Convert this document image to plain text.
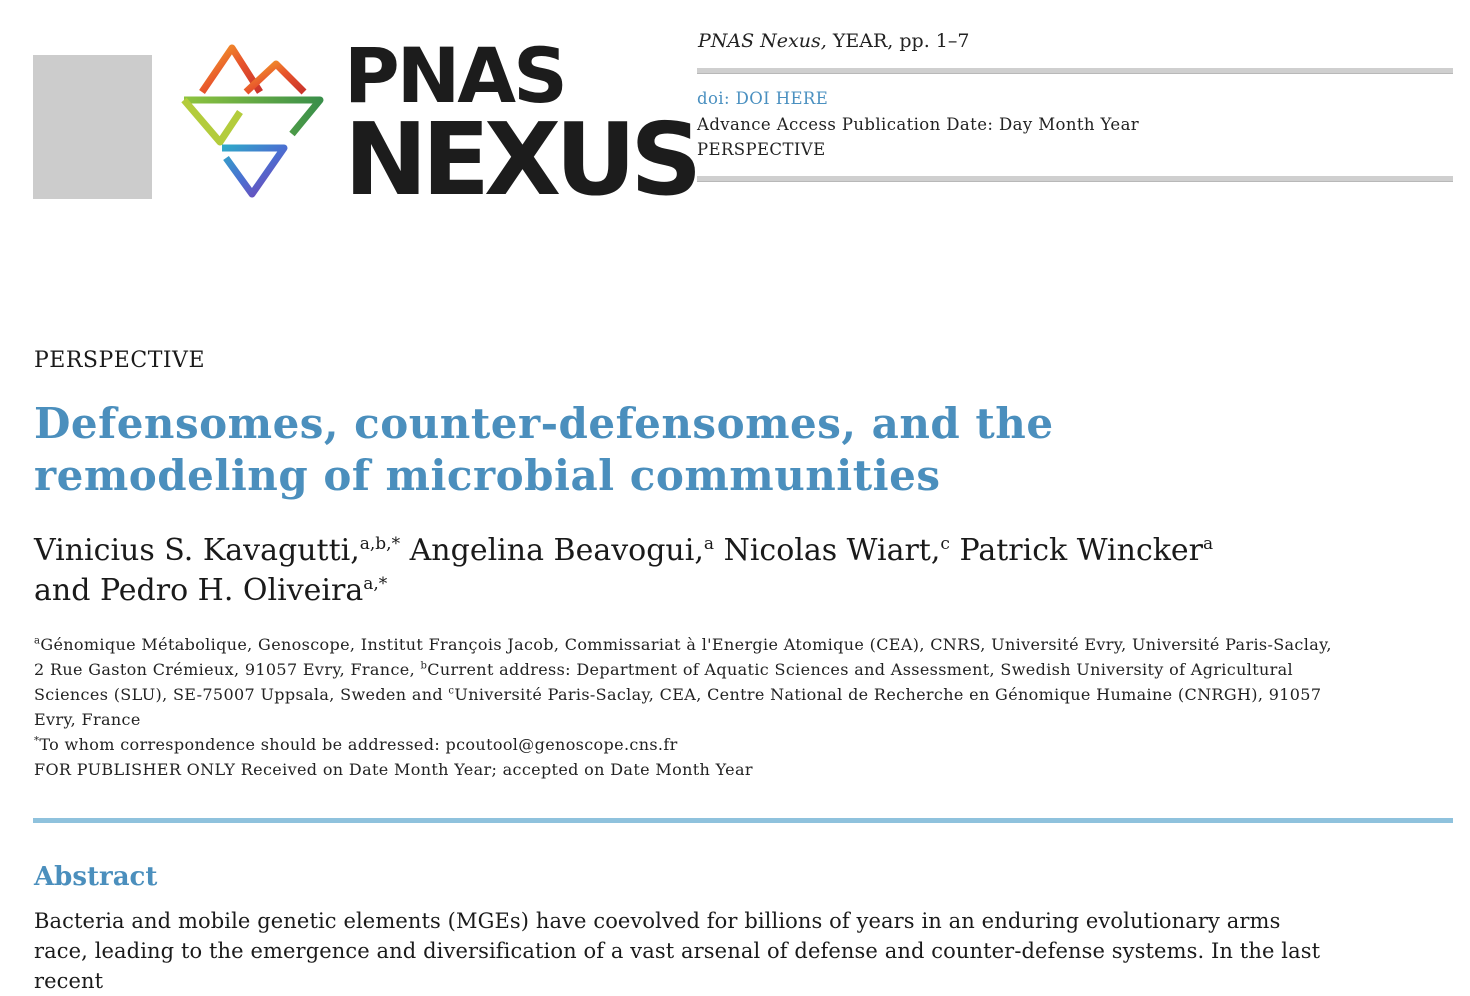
PNAS
NEXUS
PNAS Nexus, YEAR, pp. 1–7
doi: DOI HERE
Advance Access Publication Date: Day Month Year
PERSPECTIVE
PERSPECTIVE
Defensomes, counter-defensomes, and the remodeling of microbial communities
Vinicius S. Kavagutti,$^{a,b,*}$ Angelina Beavogui,$^a$ Nicolas Wiart,$^c$ Patrick Wincker$^a$
and Pedro H. Oliveira$^{a,*}$
$^a$Génomique Métabolique, Genoscope, Institut François Jacob, Commissariat à l'Energie Atomique (CEA), CNRS, Université Evry, Université Paris-Saclay, 2 Rue Gaston Crémieux, 91057 Evry, France, $^b$Current address: Department of Aquatic Sciences and Assessment, Swedish University of Agricultural Sciences (SLU), SE-75007 Uppsala, Sweden and $^c$Université Paris-Saclay, CEA, Centre National de Recherche en Génomique Humaine (CNRGH), 91057 Evry, France
*To whom correspondence should be addressed: pcoutool@genoscope.cns.fr
FOR PUBLISHER ONLY Received on Date Month Year; accepted on Date Month Year
Abstract
Bacteria and mobile genetic elements (MGEs) have coevolved for billions of years in an enduring evolutionary arms race, leading to the emergence and diversification of a vast arsenal of defense and counter-defense systems. In the last recent
